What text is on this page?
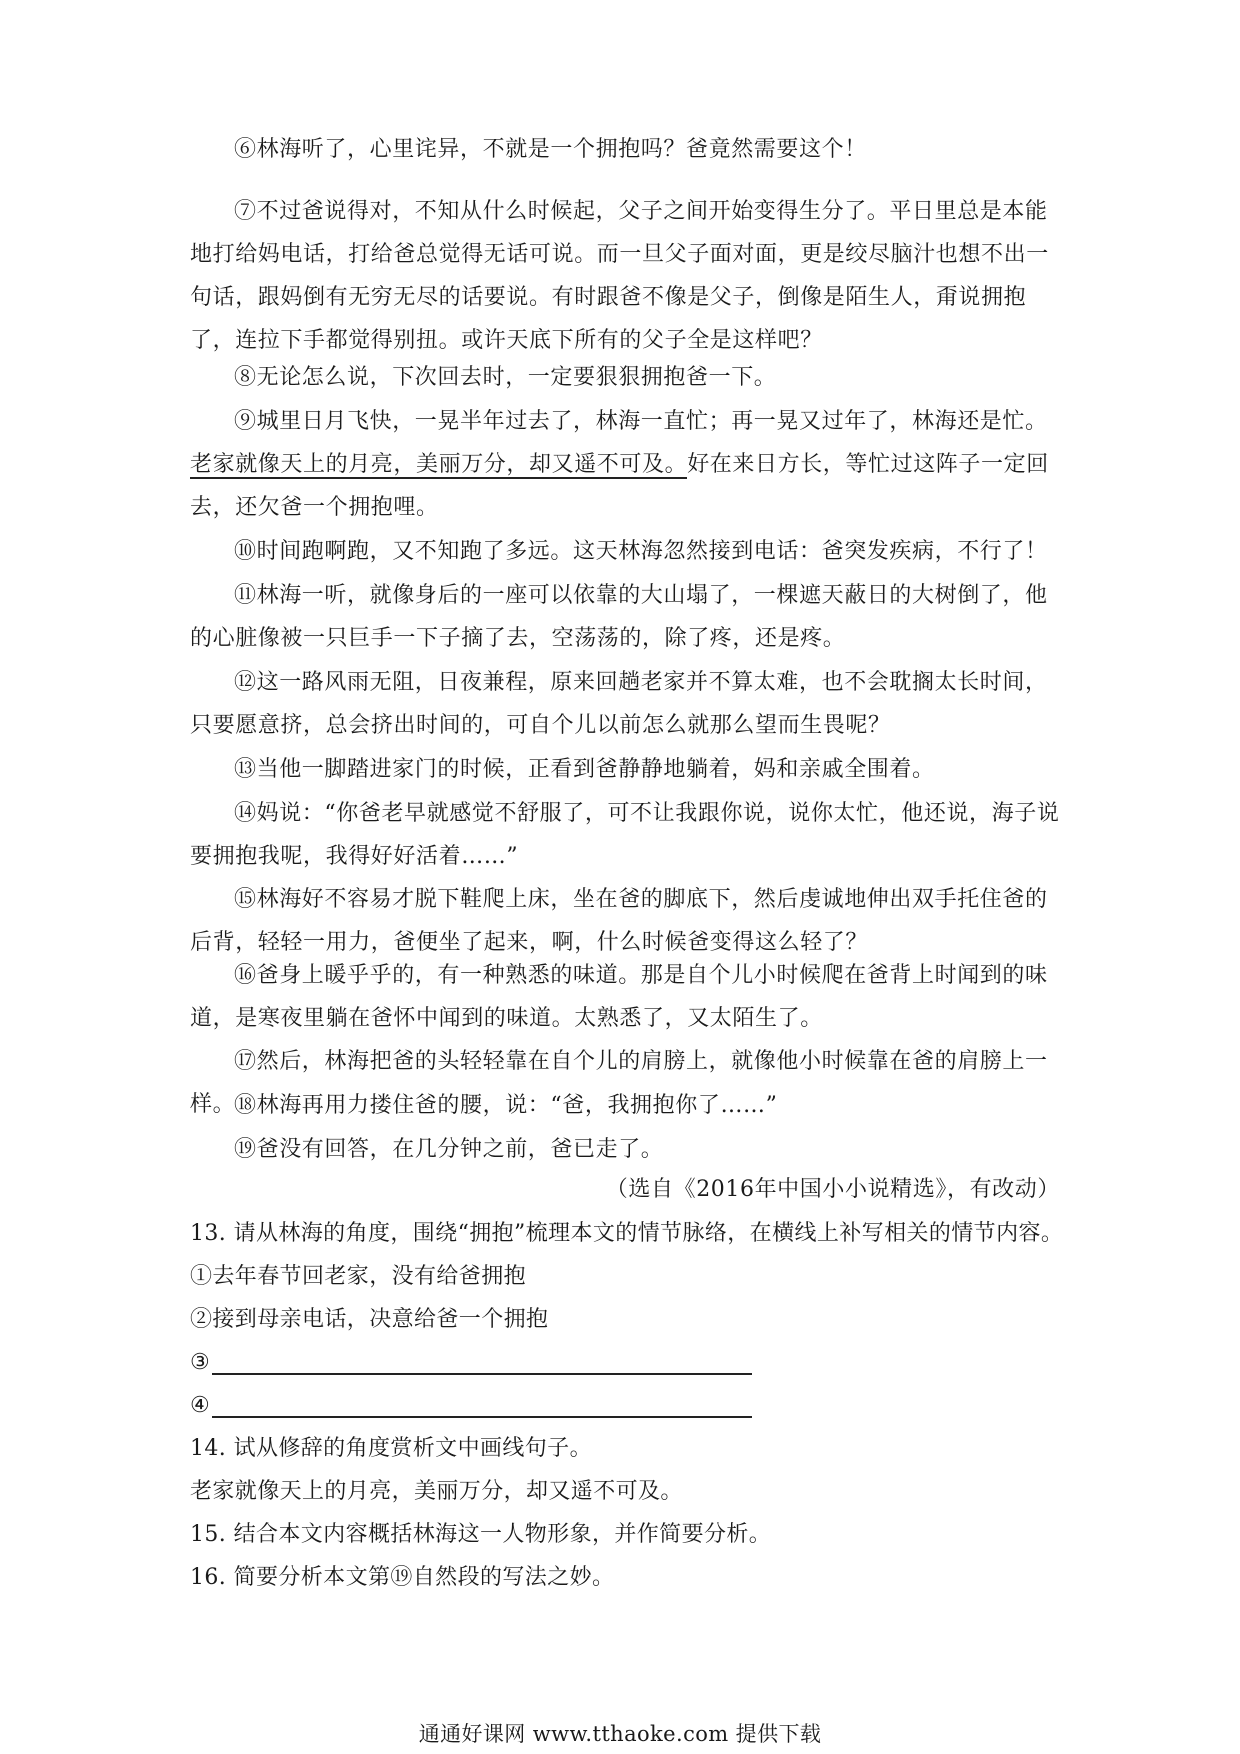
⑥林海听了，心里诧异，不就是一个拥抱吗？爸竟然需要这个！

⑦不过爸说得对，不知从什么时候起，父子之间开始变得生分了。平日里总是本能地打给妈电话，打给爸总觉得无话可说。而一旦父子面对面，更是绞尽脑汁也想不出一句话，跟妈倒有无穷无尽的话要说。有时跟爸不像是父子，倒像是陌生人，甭说拥抱了，连拉下手都觉得别扭。或许天底下所有的父子全是这样吧？

⑧无论怎么说，下次回去时，一定要狠狠拥抱爸一下。

⑨城里日月飞快，一晃半年过去了，林海一直忙；再一晃又过年了，林海还是忙。老家就像天上的月亮，美丽万分，却又遥不可及。好在来日方长，等忙过这阵子一定回去，还欠爸一个拥抱哩。

⑩时间跑啊跑，又不知跑了多远。这天林海忽然接到电话：爸突发疾病，不行了！

⑪林海一听，就像身后的一座可以依靠的大山塌了，一棵遮天蔽日的大树倒了，他的心脏像被一只巨手一下子摘了去，空荡荡的，除了疼，还是疼。

⑫这一路风雨无阻，日夜兼程，原来回趟老家并不算太难，也不会耽搁太长时间，只要愿意挤，总会挤出时间的，可自个儿以前怎么就那么望而生畏呢？

⑬当他一脚踏进家门的时候，正看到爸静静地躺着，妈和亲戚全围着。

⑭妈说：“你爸老早就感觉不舒服了，可不让我跟你说，说你太忙，他还说，海子说要拥抱我呢，我得好好活着……”

⑮林海好不容易才脱下鞋爬上床，坐在爸的脚底下，然后虔诚地伸出双手托住爸的后背，轻轻一用力，爸便坐了起来，啊，什么时候爸变得这么轻了？

⑯爸身上暖乎乎的，有一种熟悉的味道。那是自个儿小时候爬在爸背上时闻到的味道，是寒夜里躺在爸怀中闻到的味道。太熟悉了，又太陌生了。

⑰然后，林海把爸的头轻轻靠在自个儿的肩膀上，就像他小时候靠在爸的肩膀上一样。

⑱林海再用力搂住爸的腰，说：“爸，我拥抱你了……”

⑲爸没有回答，在几分钟之前，爸已走了。

（选自《2016年中国小小说精选》，有改动）

13. 请从林海的角度，围绕“拥抱”梳理本文的情节脉络，在横线上补写相关的情节内容。

①去年春节回老家，没有给爸拥抱

②接到母亲电话，决意给爸一个拥抱

③

④

14. 试从修辞的角度赏析文中画线句子。

老家就像天上的月亮，美丽万分，却又遥不可及。

15. 结合本文内容概括林海这一人物形象，并作简要分析。

16. 简要分析本文第⑲自然段的写法之妙。

通通好课网 www.tthaoke.com 提供下载
